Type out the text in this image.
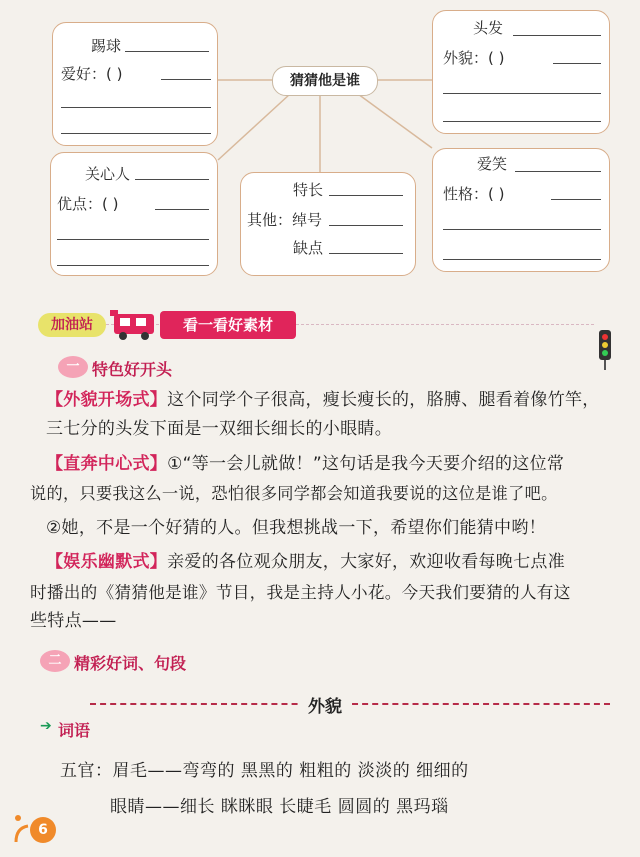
踢球
爱好：( )	猜猜他是谁
头发
外貌：( )
关心人
优点：( )
特长
其他：绰号
缺点
爱笑
性格：( )
加油站	看一看好素材
一 特色好开头
【外貌开场式】这个同学个子很高，瘦长瘦长的，胳膊、腿看着像竹竿，
三七分的头发下面是一双细长细长的小眼睛。
【直奔中心式】①“等一会儿就做！”这句话是我今天要介绍的这位常
说的，只要我这么一说，恐怕很多同学都会知道我要说的这位是谁了吧。
②她，不是一个好猜的人。但我想挑战一下，希望你们能猜中哟！
【娱乐幽默式】亲爱的各位观众朋友，大家好，欢迎收看每晚七点准
时播出的《猜猜他是谁》节目，我是主持人小花。今天我们要猜的人有这
些特点——
二 精彩好词、句段
外貌
➔ 词语
五官：眉毛——弯弯的 黑黑的 粗粗的 淡淡的 细细的
眼睛——细长 眯眯眼 长睫毛 圆圆的 黑玛瑙
6
